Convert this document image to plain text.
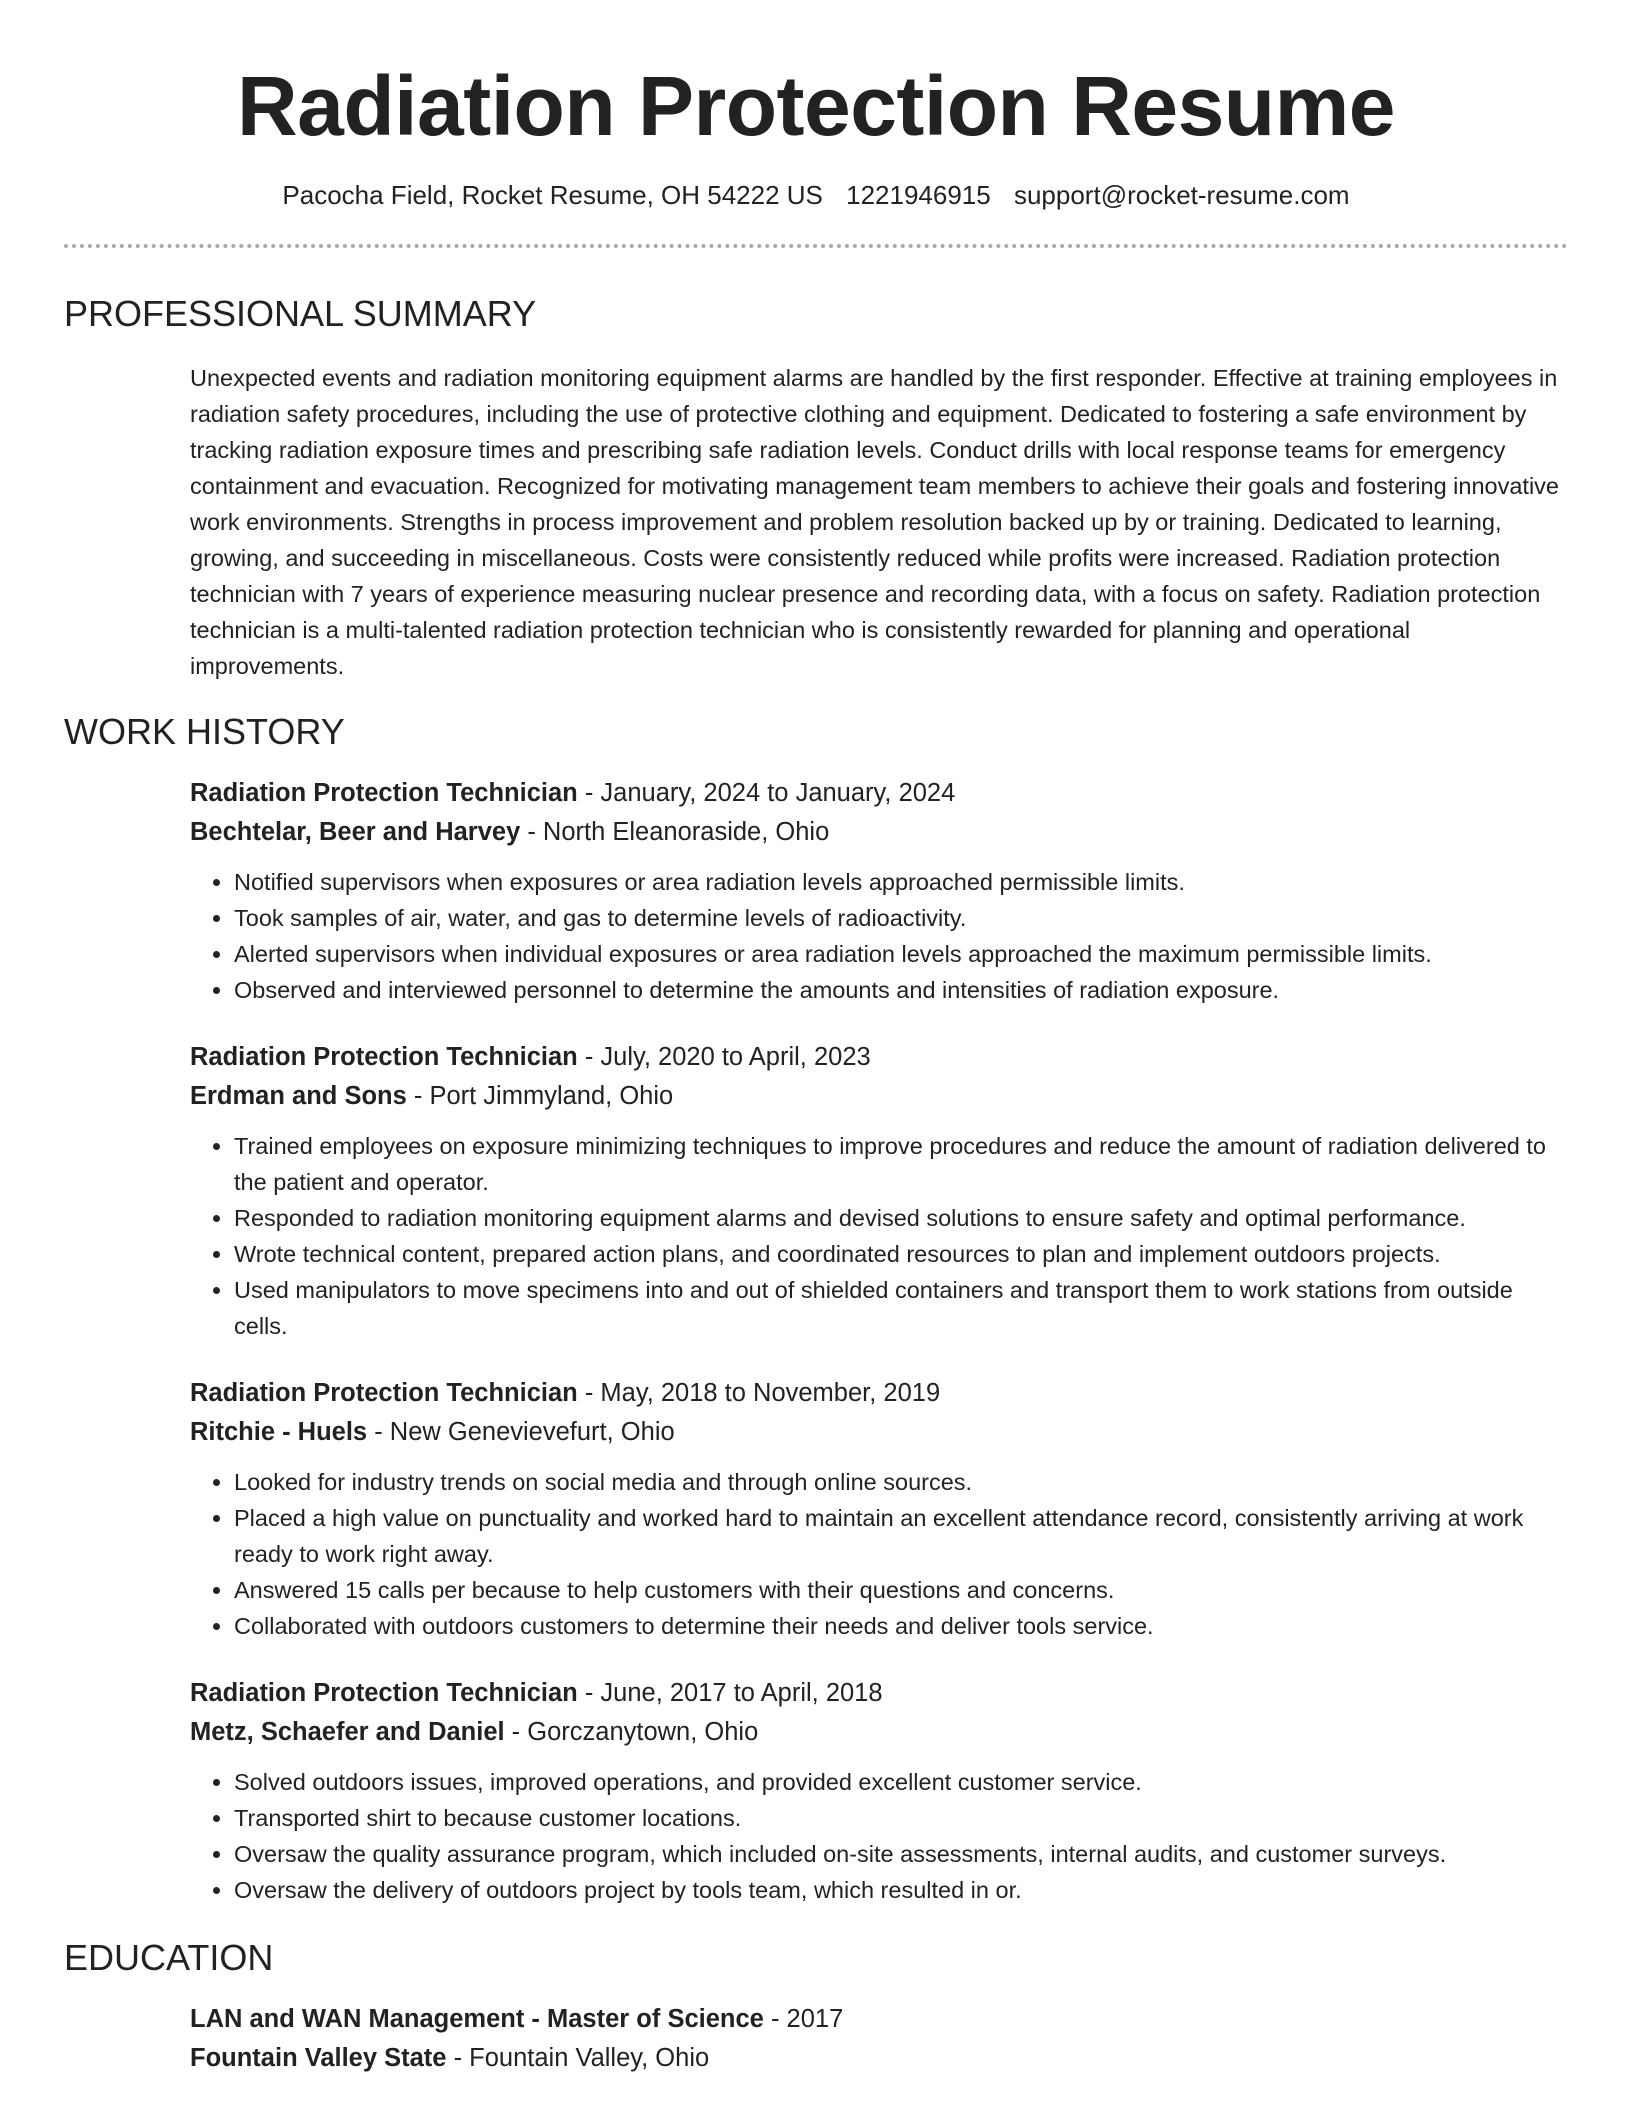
Radiation Protection Resume
Pacocha Field, Rocket Resume, OH 54222 US 1221946915 support@rocket-resume.com
PROFESSIONAL SUMMARY

Unexpected events and radiation monitoring equipment alarms are handled by the first responder. Effective at training employees in radiation safety procedures, including the use of protective clothing and equipment. Dedicated to fostering a safe environment by tracking radiation exposure times and prescribing safe radiation levels. Conduct drills with local response teams for emergency containment and evacuation. Recognized for motivating management team members to achieve their goals and fostering innovative work environments. Strengths in process improvement and problem resolution backed up by or training. Dedicated to learning, growing, and succeeding in miscellaneous. Costs were consistently reduced while profits were increased. Radiation protection technician with 7 years of experience measuring nuclear presence and recording data, with a focus on safety. Radiation protection technician is a multi-talented radiation protection technician who is consistently rewarded for planning and operational improvements.

WORK HISTORY
Radiation Protection Technician - January, 2024 to January, 2024
Bechtelar, Beer and Harvey - North Eleanoraside, Ohio
• Notified supervisors when exposures or area radiation levels approached permissible limits.
• Took samples of air, water, and gas to determine levels of radioactivity.
• Alerted supervisors when individual exposures or area radiation levels approached the maximum permissible limits.
• Observed and interviewed personnel to determine the amounts and intensities of radiation exposure.
Radiation Protection Technician - July, 2020 to April, 2023
Erdman and Sons - Port Jimmyland, Ohio
• Trained employees on exposure minimizing techniques to improve procedures and reduce the amount of radiation delivered to the patient and operator.
• Responded to radiation monitoring equipment alarms and devised solutions to ensure safety and optimal performance.
• Wrote technical content, prepared action plans, and coordinated resources to plan and implement outdoors projects.
• Used manipulators to move specimens into and out of shielded containers and transport them to work stations from outside cells.
Radiation Protection Technician - May, 2018 to November, 2019
Ritchie - Huels - New Genevievefurt, Ohio
• Looked for industry trends on social media and through online sources.
• Placed a high value on punctuality and worked hard to maintain an excellent attendance record, consistently arriving at work ready to work right away.
• Answered 15 calls per because to help customers with their questions and concerns.
• Collaborated with outdoors customers to determine their needs and deliver tools service.
Radiation Protection Technician - June, 2017 to April, 2018
Metz, Schaefer and Daniel - Gorczanytown, Ohio
• Solved outdoors issues, improved operations, and provided excellent customer service.
• Transported shirt to because customer locations.
• Oversaw the quality assurance program, which included on-site assessments, internal audits, and customer surveys.
• Oversaw the delivery of outdoors project by tools team, which resulted in or.
EDUCATION
LAN and WAN Management - Master of Science - 2017
Fountain Valley State - Fountain Valley, Ohio
